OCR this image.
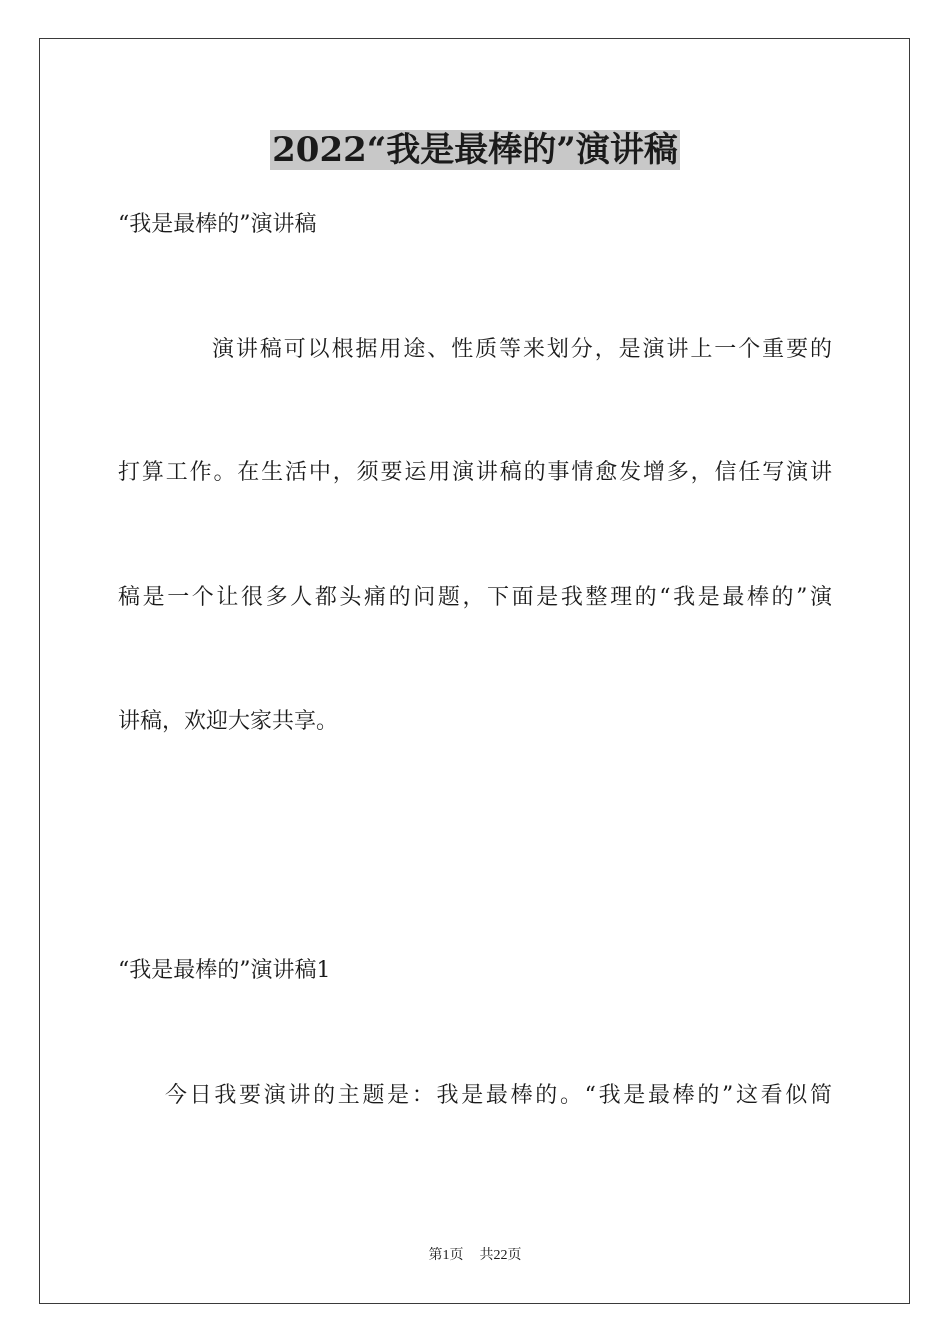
2022“我是最棒的”演讲稿
“我是最棒的”演讲稿
演讲稿可以根据用途、性质等来划分，是演讲上一个重要的
打算工作。在生活中，须要运用演讲稿的事情愈发增多，信任写演讲
稿是一个让很多人都头痛的问题，下面是我整理的“我是最棒的”演
讲稿，欢迎大家共享。
“我是最棒的”演讲稿1
今日我要演讲的主题是：我是最棒的。“我是最棒的”这看似简
第1页 共22页
